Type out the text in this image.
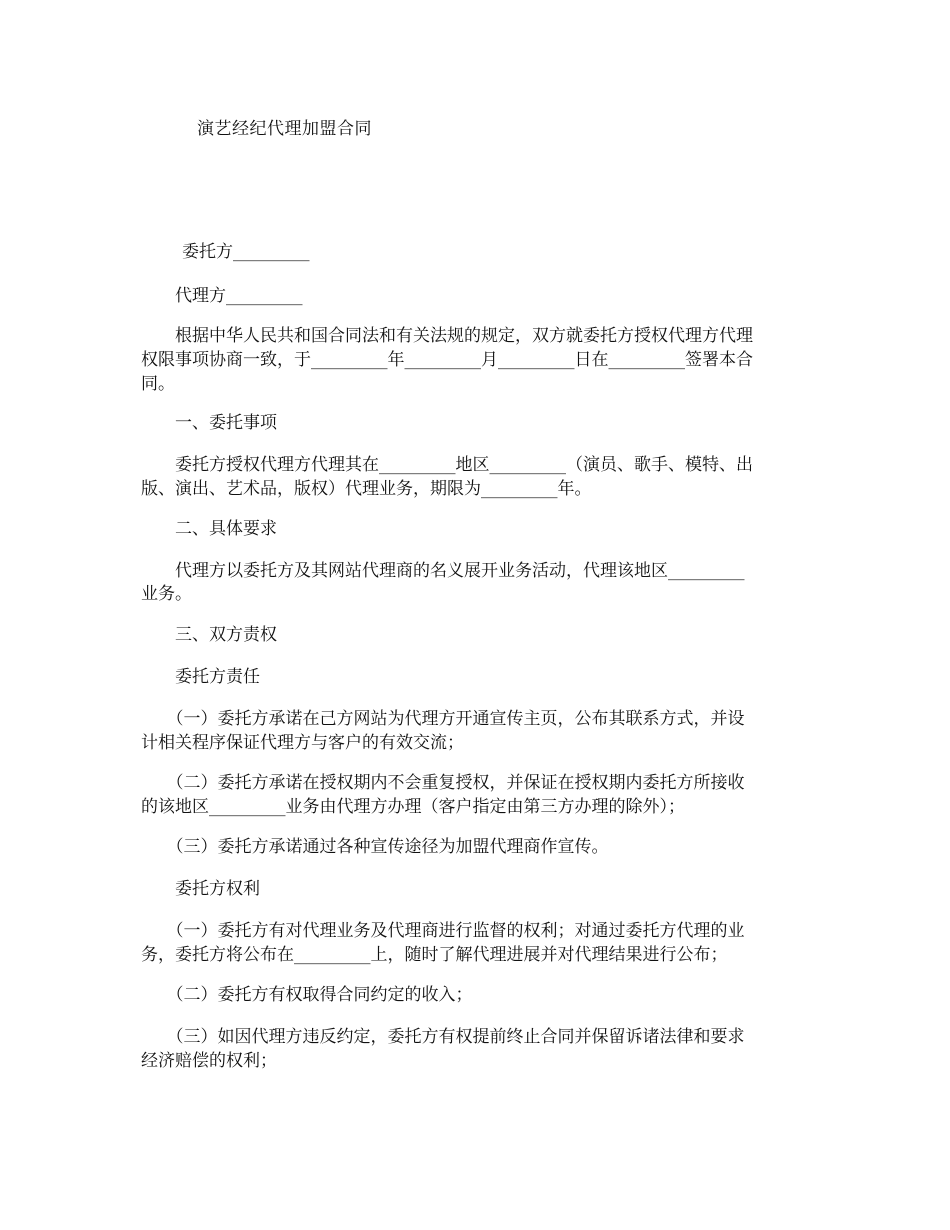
演艺经纪代理加盟合同
　　委托方_________
　　代理方_________
　　根据中华人民共和国合同法和有关法规的规定，双方就委托方授权代理方代理
权限事项协商一致，于_________年_________月_________日在_________签署本合
同。
　　一、委托事项
　　委托方授权代理方代理其在_________地区_________（演员、歌手、模特、出
版、演出、艺术品，版权）代理业务，期限为_________年。
　　二、具体要求
　　代理方以委托方及其网站代理商的名义展开业务活动，代理该地区_________
业务。
　　三、双方责权
　　委托方责任
　　（一）委托方承诺在己方网站为代理方开通宣传主页，公布其联系方式，并设
计相关程序保证代理方与客户的有效交流；
　　（二）委托方承诺在授权期内不会重复授权，并保证在授权期内委托方所接收
的该地区_________业务由代理方办理（客户指定由第三方办理的除外）；
　　（三）委托方承诺通过各种宣传途径为加盟代理商作宣传。
　　委托方权利
　　（一）委托方有对代理业务及代理商进行监督的权利；对通过委托方代理的业
务，委托方将公布在_________上，随时了解代理进展并对代理结果进行公布；
　　（二）委托方有权取得合同约定的收入；
　　（三）如因代理方违反约定，委托方有权提前终止合同并保留诉诸法律和要求
经济赔偿的权利；
